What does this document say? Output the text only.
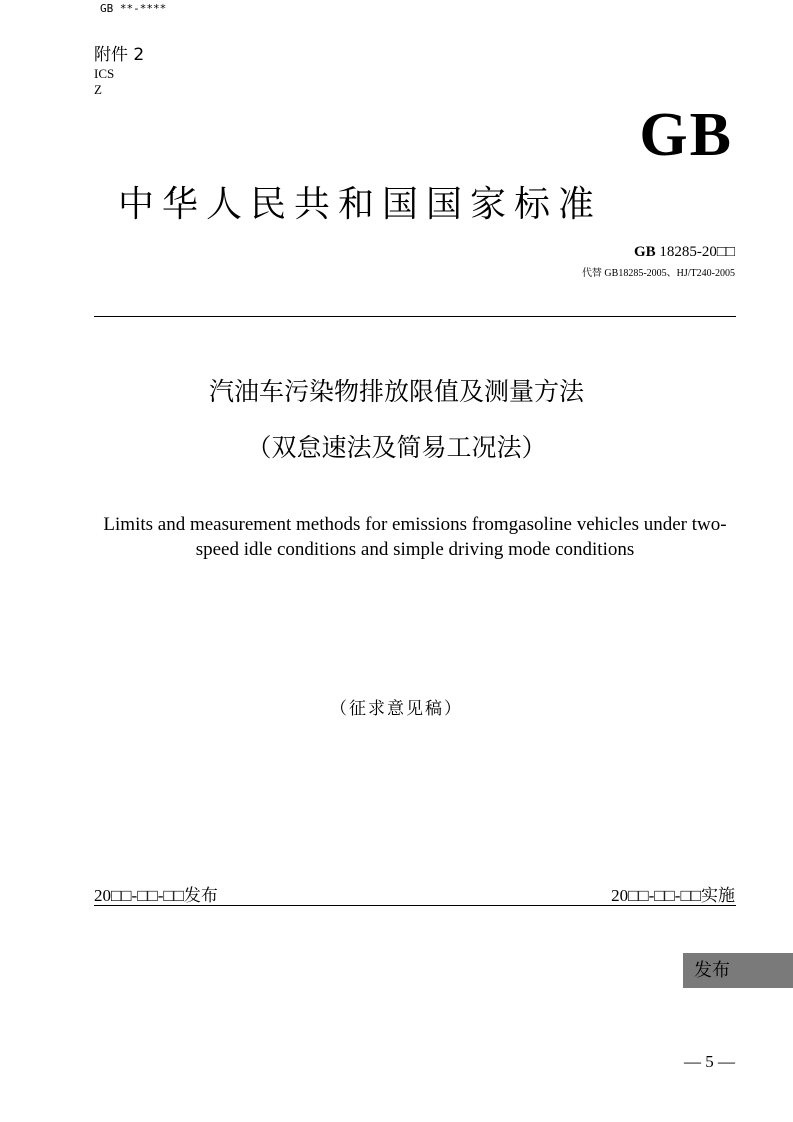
GB **-****
附件 2
ICS
Z
GB
中华人民共和国国家标准
GB 18285-20□□
代替 GB18285-2005、HJ/T240-2005
汽油车污染物排放限值及测量方法
（双怠速法及简易工况法）
Limits and measurement methods for emissions fromgasoline vehicles under two-speed idle conditions and simple driving mode conditions
（征求意见稿）
20□□-□□-□□发布	20□□-□□-□□实施
发布
— 5 —
